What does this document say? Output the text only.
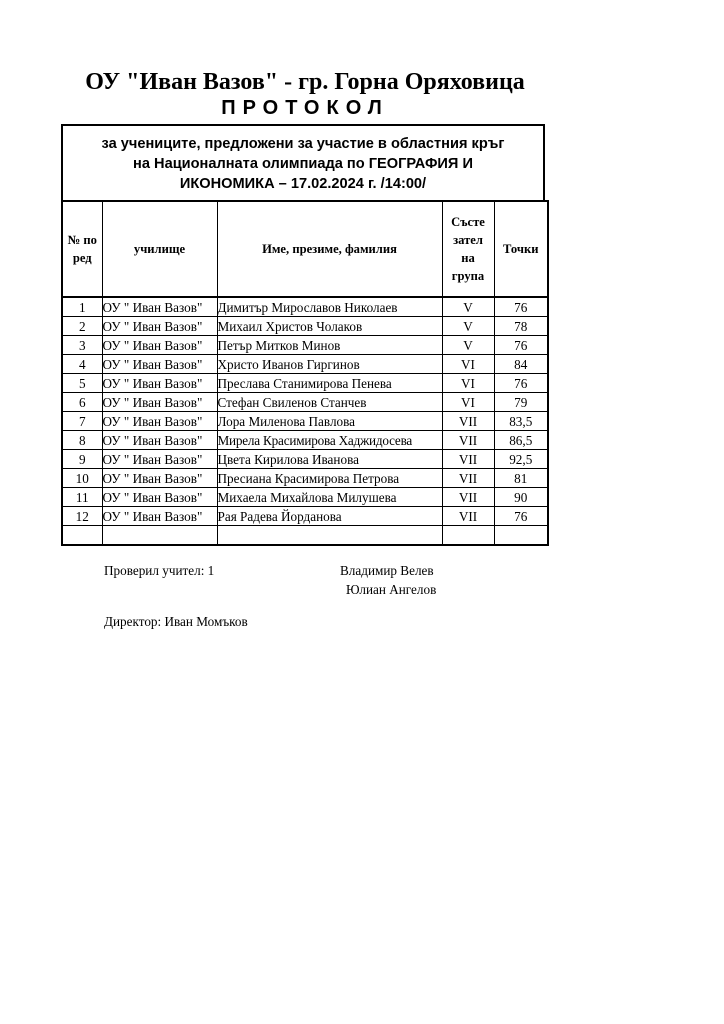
ОУ "Иван Вазов" - гр. Горна Оряховица
ПРОТОКОЛ
за учениците, предложени за участие в областния кръг
на Националната олимпиада по ГЕОГРАФИЯ И
ИКОНОМИКА – 17.02.2024 г. /14:00/
№ по ред	училище	Име, презиме, фамилия	Състе зател на група	Точки
1	ОУ " Иван Вазов"	Димитър Мирославов Николаев	V	76
2	ОУ " Иван Вазов"	Михаил Христов Чолаков	V	78
3	ОУ " Иван Вазов"	Петър Митков Минов	V	76
4	ОУ " Иван Вазов"	Христо Иванов Гиргинов	VI	84
5	ОУ " Иван Вазов"	Преслава Станимирова Пенева	VI	76
6	ОУ " Иван Вазов"	Стефан Свиленов Станчев	VI	79
7	ОУ " Иван Вазов"	Лора Миленова Павлова	VII	83,5
8	ОУ " Иван Вазов"	Мирела Красимирова Хаджидосева	VII	86,5
9	ОУ " Иван Вазов"	Цвета Кирилова Иванова	VII	92,5
10	ОУ " Иван Вазов"	Пресиана Красимирова Петрова	VII	81
11	ОУ " Иван Вазов"	Михаела Михайлова Милушева	VII	90
12	ОУ " Иван Вазов"	Рая Радева Йорданова	VII	76

Проверил учител: 1	Владимир Велев
Юлиан Ангелов
Директор: Иван Момъков
